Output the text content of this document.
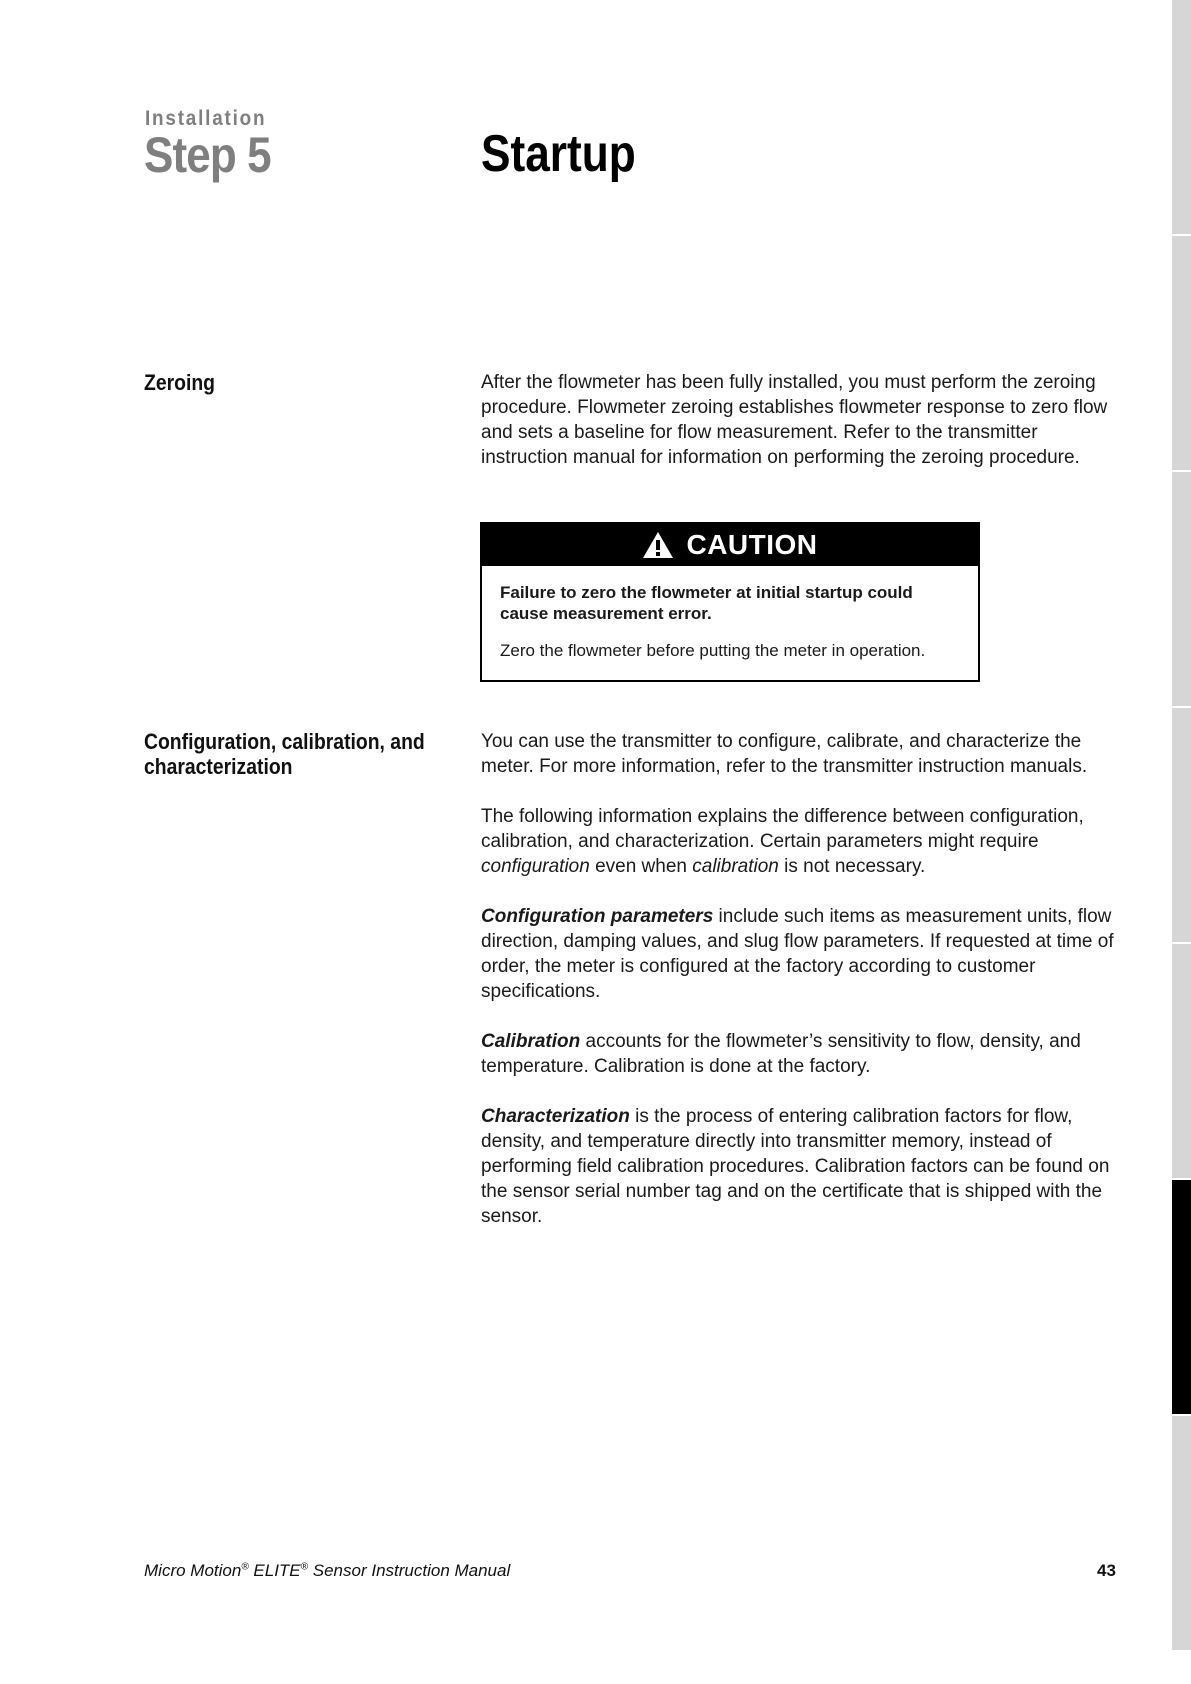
Installation
Step 5	Startup
Zeroing	After the flowmeter has been fully installed, you must perform the zeroing procedure. Flowmeter zeroing establishes flowmeter response to zero flow and sets a baseline for flow measurement. Refer to the transmitter instruction manual for information on performing the zeroing procedure.

CAUTION
Failure to zero the flowmeter at initial startup could cause measurement error.
Zero the flowmeter before putting the meter in operation.
Configuration, calibration, and characterization

You can use the transmitter to configure, calibrate, and characterize the meter. For more information, refer to the transmitter instruction manuals.

The following information explains the difference between configuration, calibration, and characterization. Certain parameters might require configuration even when calibration is not necessary.

Configuration parameters include such items as measurement units, flow direction, damping values, and slug flow parameters. If requested at time of order, the meter is configured at the factory according to customer specifications.

Calibration accounts for the flowmeter’s sensitivity to flow, density, and temperature. Calibration is done at the factory.

Characterization is the process of entering calibration factors for flow, density, and temperature directly into transmitter memory, instead of performing field calibration procedures. Calibration factors can be found on the sensor serial number tag and on the certificate that is shipped with the sensor.

Micro Motion® ELITE® Sensor Instruction Manual	43
